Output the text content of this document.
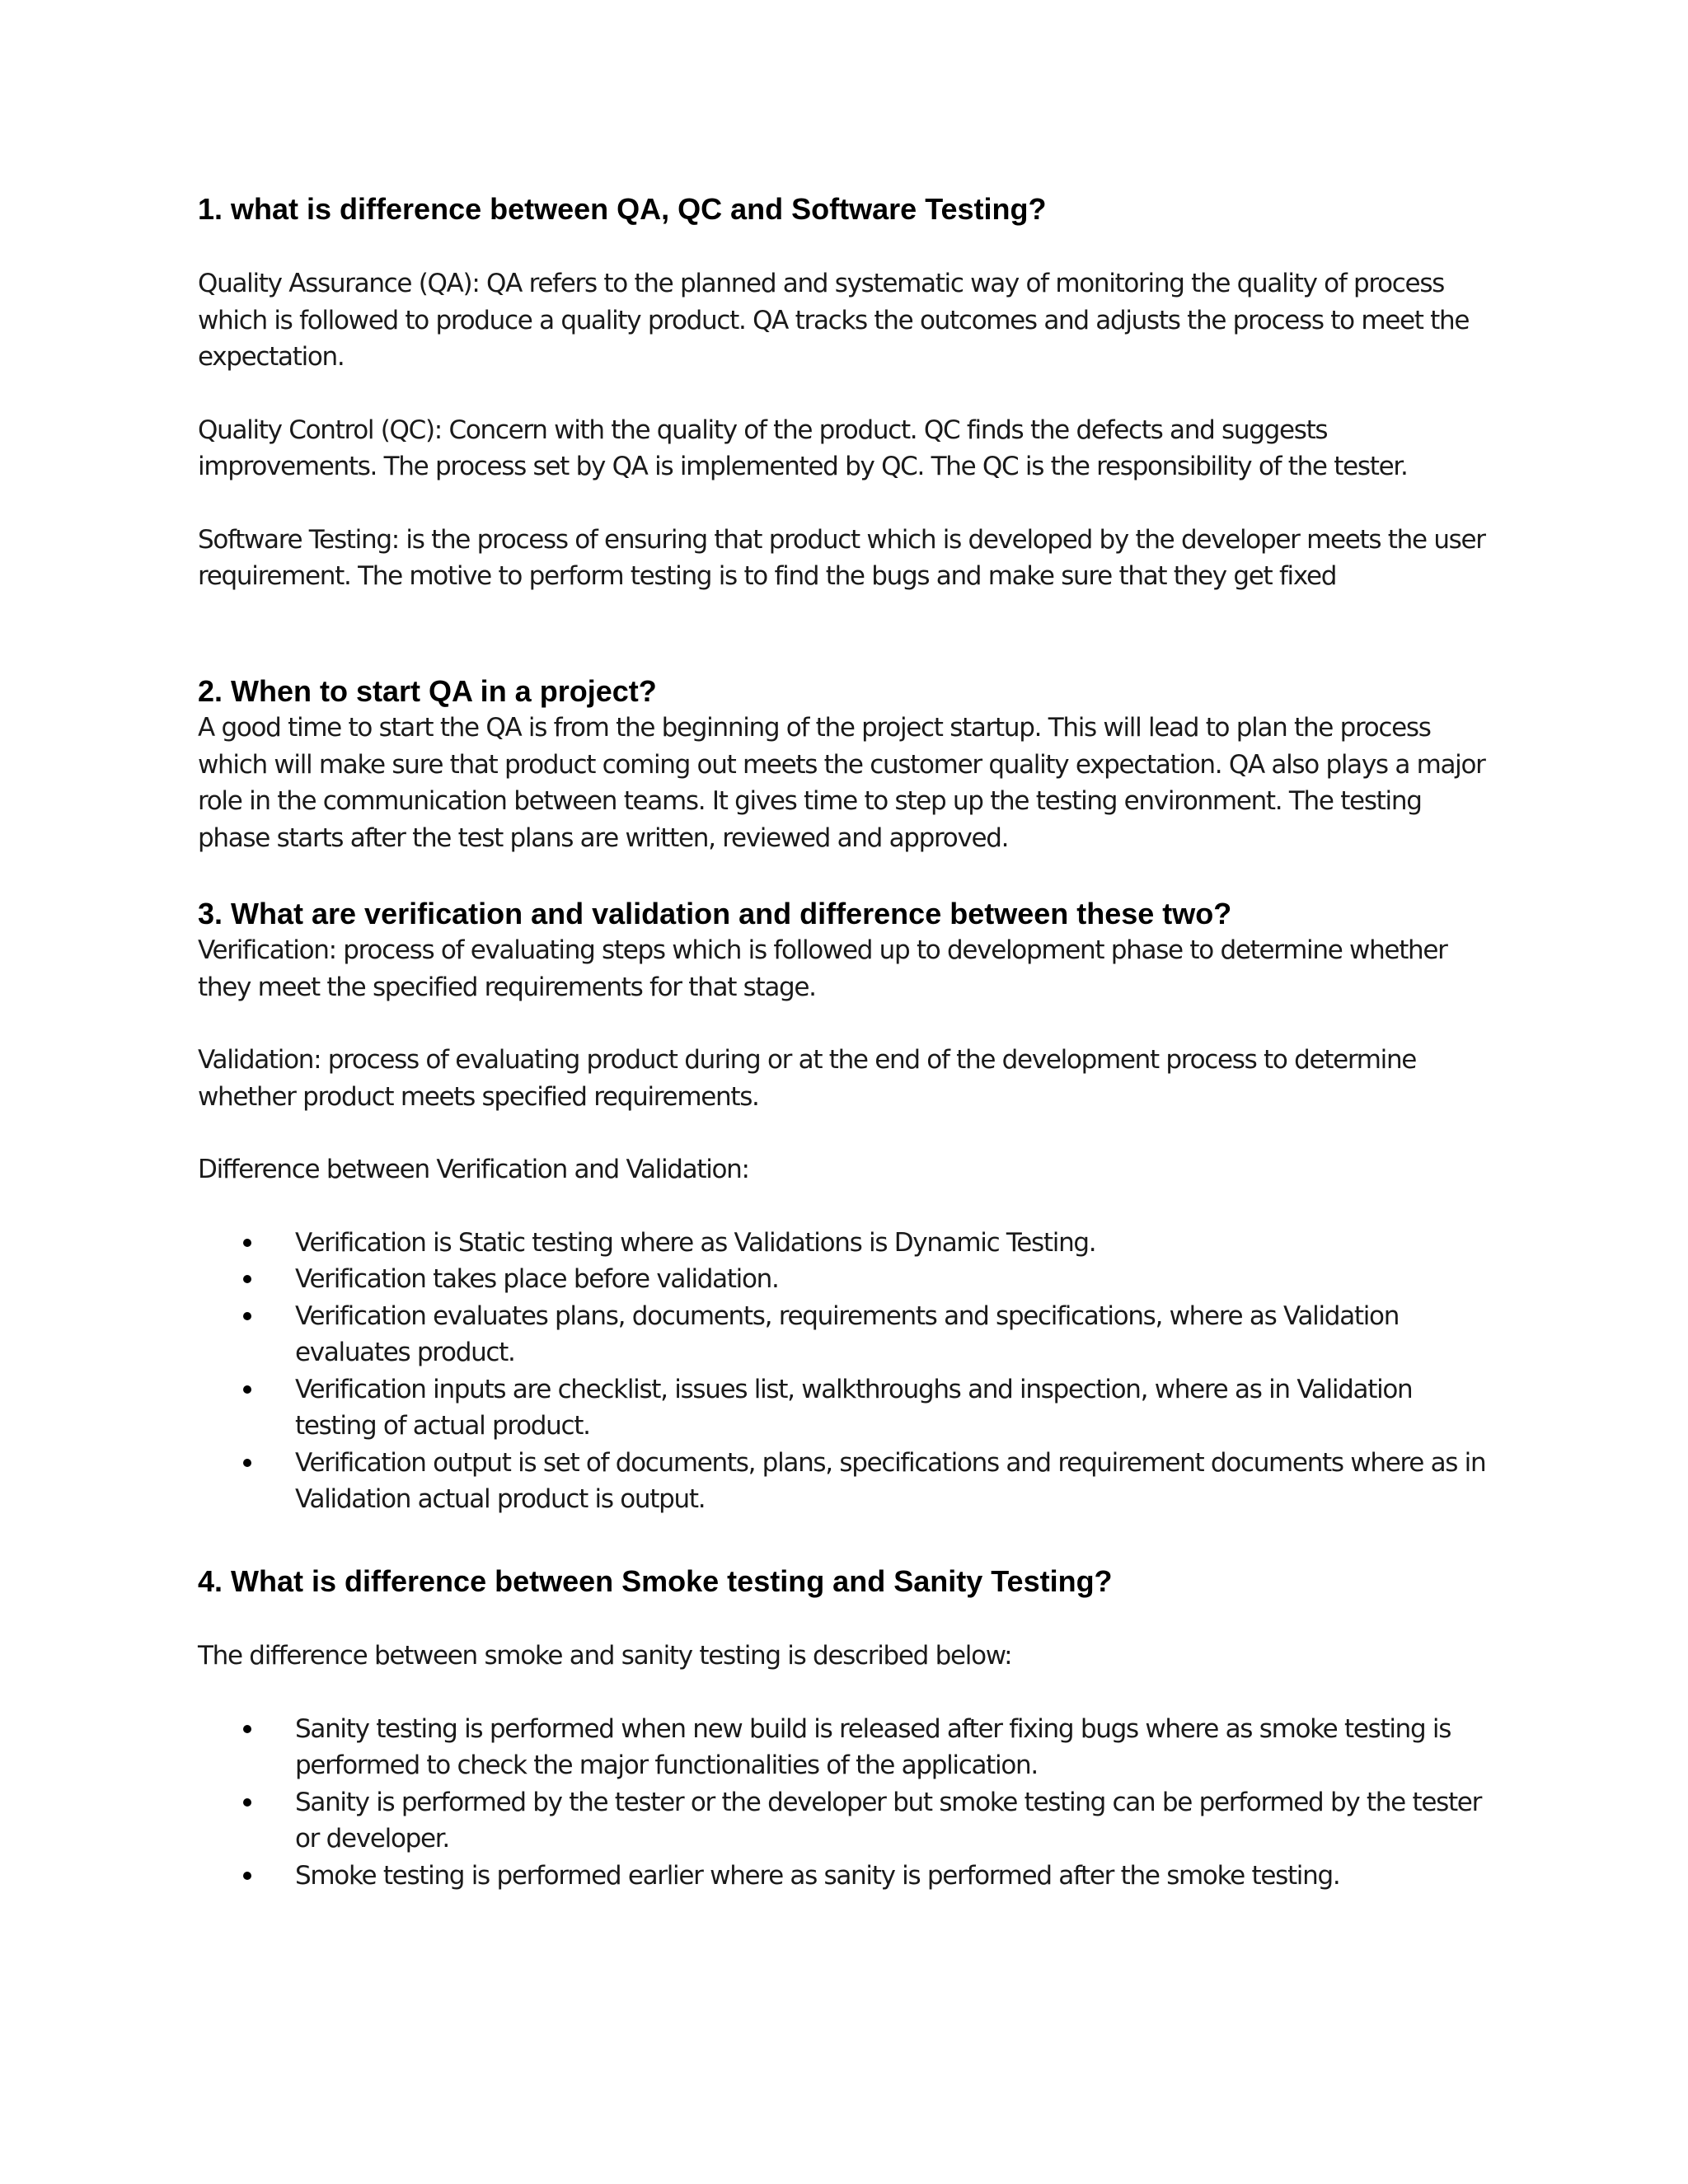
1. what is difference between QA, QC and Software Testing?

Quality Assurance (QA): QA refers to the planned and systematic way of monitoring the quality of process which is followed to produce a quality product. QA tracks the outcomes and adjusts the process to meet the expectation.

Quality Control (QC): Concern with the quality of the product. QC finds the defects and suggests improvements. The process set by QA is implemented by QC. The QC is the responsibility of the tester.

Software Testing: is the process of ensuring that product which is developed by the developer meets the user requirement. The motive to perform testing is to find the bugs and make sure that they get fixed

2. When to start QA in a project?

A good time to start the QA is from the beginning of the project startup. This will lead to plan the process which will make sure that product coming out meets the customer quality expectation. QA also plays a major role in the communication between teams. It gives time to step up the testing environment. The testing phase starts after the test plans are written, reviewed and approved.

3. What are verification and validation and difference between these two?

Verification: process of evaluating steps which is followed up to development phase to determine whether they meet the specified requirements for that stage.

Validation: process of evaluating product during or at the end of the development process to determine whether product meets specified requirements.

Difference between Verification and Validation:

Verification is Static testing where as Validations is Dynamic Testing.
Verification takes place before validation.
Verification evaluates plans, documents, requirements and specifications, where as Validation evaluates product.
Verification inputs are checklist, issues list, walkthroughs and inspection, where as in Validation testing of actual product.
Verification output is set of documents, plans, specifications and requirement documents where as in Validation actual product is output.
4. What is difference between Smoke testing and Sanity Testing?

The difference between smoke and sanity testing is described below:

Sanity testing is performed when new build is released after fixing bugs where as smoke testing is performed to check the major functionalities of the application.
Sanity is performed by the tester or the developer but smoke testing can be performed by the tester or developer.
Smoke testing is performed earlier where as sanity is performed after the smoke testing.
